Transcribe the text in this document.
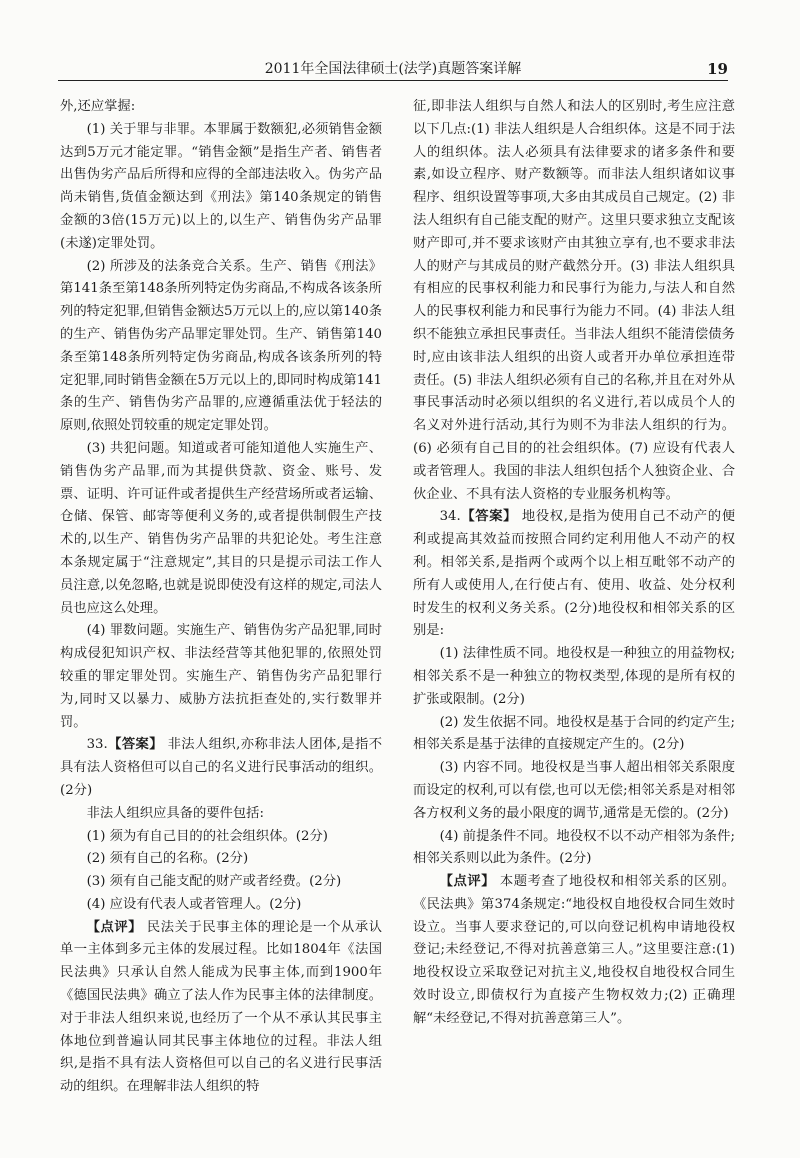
2011年全国法律硕士(法学)真题答案详解	19

外,还应掌握:

(1) 关于罪与非罪。本罪属于数额犯,必须销售金额达到5万元才能定罪。“销售金额”是指生产者、销售者出售伪劣产品后所得和应得的全部违法收入。伪劣产品尚未销售,货值金额达到《刑法》第140条规定的销售金额的3倍(15万元)以上的,以生产、销售伪劣产品罪(未遂)定罪处罚。

(2) 所涉及的法条竞合关系。生产、销售《刑法》第141条至第148条所列特定伪劣商品,不构成各该条所列的特定犯罪,但销售金额达5万元以上的,应以第140条的生产、销售伪劣产品罪定罪处罚。生产、销售第140条至第148条所列特定伪劣商品,构成各该条所列的特定犯罪,同时销售金额在5万元以上的,即同时构成第141条的生产、销售伪劣产品罪的,应遵循重法优于轻法的原则,依照处罚较重的规定定罪处罚。

(3) 共犯问题。知道或者可能知道他人实施生产、销售伪劣产品罪,而为其提供贷款、资金、账号、发票、证明、许可证件或者提供生产经营场所或者运输、仓储、保管、邮寄等便利义务的,或者提供制假生产技术的,以生产、销售伪劣产品罪的共犯论处。考生注意本条规定属于“注意规定”,其目的只是提示司法工作人员注意,以免忽略,也就是说即使没有这样的规定,司法人员也应这么处理。

(4) 罪数问题。实施生产、销售伪劣产品犯罪,同时构成侵犯知识产权、非法经营等其他犯罪的,依照处罚较重的罪定罪处罚。实施生产、销售伪劣产品犯罪行为,同时又以暴力、威胁方法抗拒查处的,实行数罪并罚。

33.【答案】 非法人组织,亦称非法人团体,是指不具有法人资格但可以自己的名义进行民事活动的组织。(2分)

非法人组织应具备的要件包括:

(1) 须为有自己目的的社会组织体。(2分)

(2) 须有自己的名称。(2分)

(3) 须有自己能支配的财产或者经费。(2分)

(4) 应设有代表人或者管理人。(2分)

【点评】 民法关于民事主体的理论是一个从承认单一主体到多元主体的发展过程。比如1804年《法国民法典》只承认自然人能成为民事主体,而到1900年《德国民法典》确立了法人作为民事主体的法律制度。对于非法人组织来说,也经历了一个从不承认其民事主体地位到普遍认同其民事主体地位的过程。非法人组织,是指不具有法人资格但可以自己的名义进行民事活动的组织。在理解非法人组织的特

征,即非法人组织与自然人和法人的区别时,考生应注意以下几点:(1) 非法人组织是人合组织体。这是不同于法人的组织体。法人必须具有法律要求的诸多条件和要素,如设立程序、财产数额等。而非法人组织诸如议事程序、组织设置等事项,大多由其成员自己规定。(2) 非法人组织有自己能支配的财产。这里只要求独立支配该财产即可,并不要求该财产由其独立享有,也不要求非法人的财产与其成员的财产截然分开。(3) 非法人组织具有相应的民事权利能力和民事行为能力,与法人和自然人的民事权利能力和民事行为能力不同。(4) 非法人组织不能独立承担民事责任。当非法人组织不能清偿债务时,应由该非法人组织的出资人或者开办单位承担连带责任。(5) 非法人组织必须有自己的名称,并且在对外从事民事活动时必须以组织的名义进行,若以成员个人的名义对外进行活动,其行为则不为非法人组织的行为。(6) 必须有自己目的的社会组织体。(7) 应设有代表人或者管理人。我国的非法人组织包括个人独资企业、合伙企业、不具有法人资格的专业服务机构等。

34.【答案】 地役权,是指为使用自己不动产的便利或提高其效益而按照合同约定利用他人不动产的权利。相邻关系,是指两个或两个以上相互毗邻不动产的所有人或使用人,在行使占有、使用、收益、处分权利时发生的权利义务关系。(2分)地役权和相邻关系的区别是:

(1) 法律性质不同。地役权是一种独立的用益物权;相邻关系不是一种独立的物权类型,体现的是所有权的扩张或限制。(2分)

(2) 发生依据不同。地役权是基于合同的约定产生;相邻关系是基于法律的直接规定产生的。(2分)

(3) 内容不同。地役权是当事人超出相邻关系限度而设定的权利,可以有偿,也可以无偿;相邻关系是对相邻各方权利义务的最小限度的调节,通常是无偿的。(2分)

(4) 前提条件不同。地役权不以不动产相邻为条件;相邻关系则以此为条件。(2分)

【点评】 本题考查了地役权和相邻关系的区别。《民法典》第374条规定:“地役权自地役权合同生效时设立。当事人要求登记的,可以向登记机构申请地役权登记;未经登记,不得对抗善意第三人。”这里要注意:(1) 地役权设立采取登记对抗主义,地役权自地役权合同生效时设立,即债权行为直接产生物权效力;(2) 正确理解“未经登记,不得对抗善意第三人”。
